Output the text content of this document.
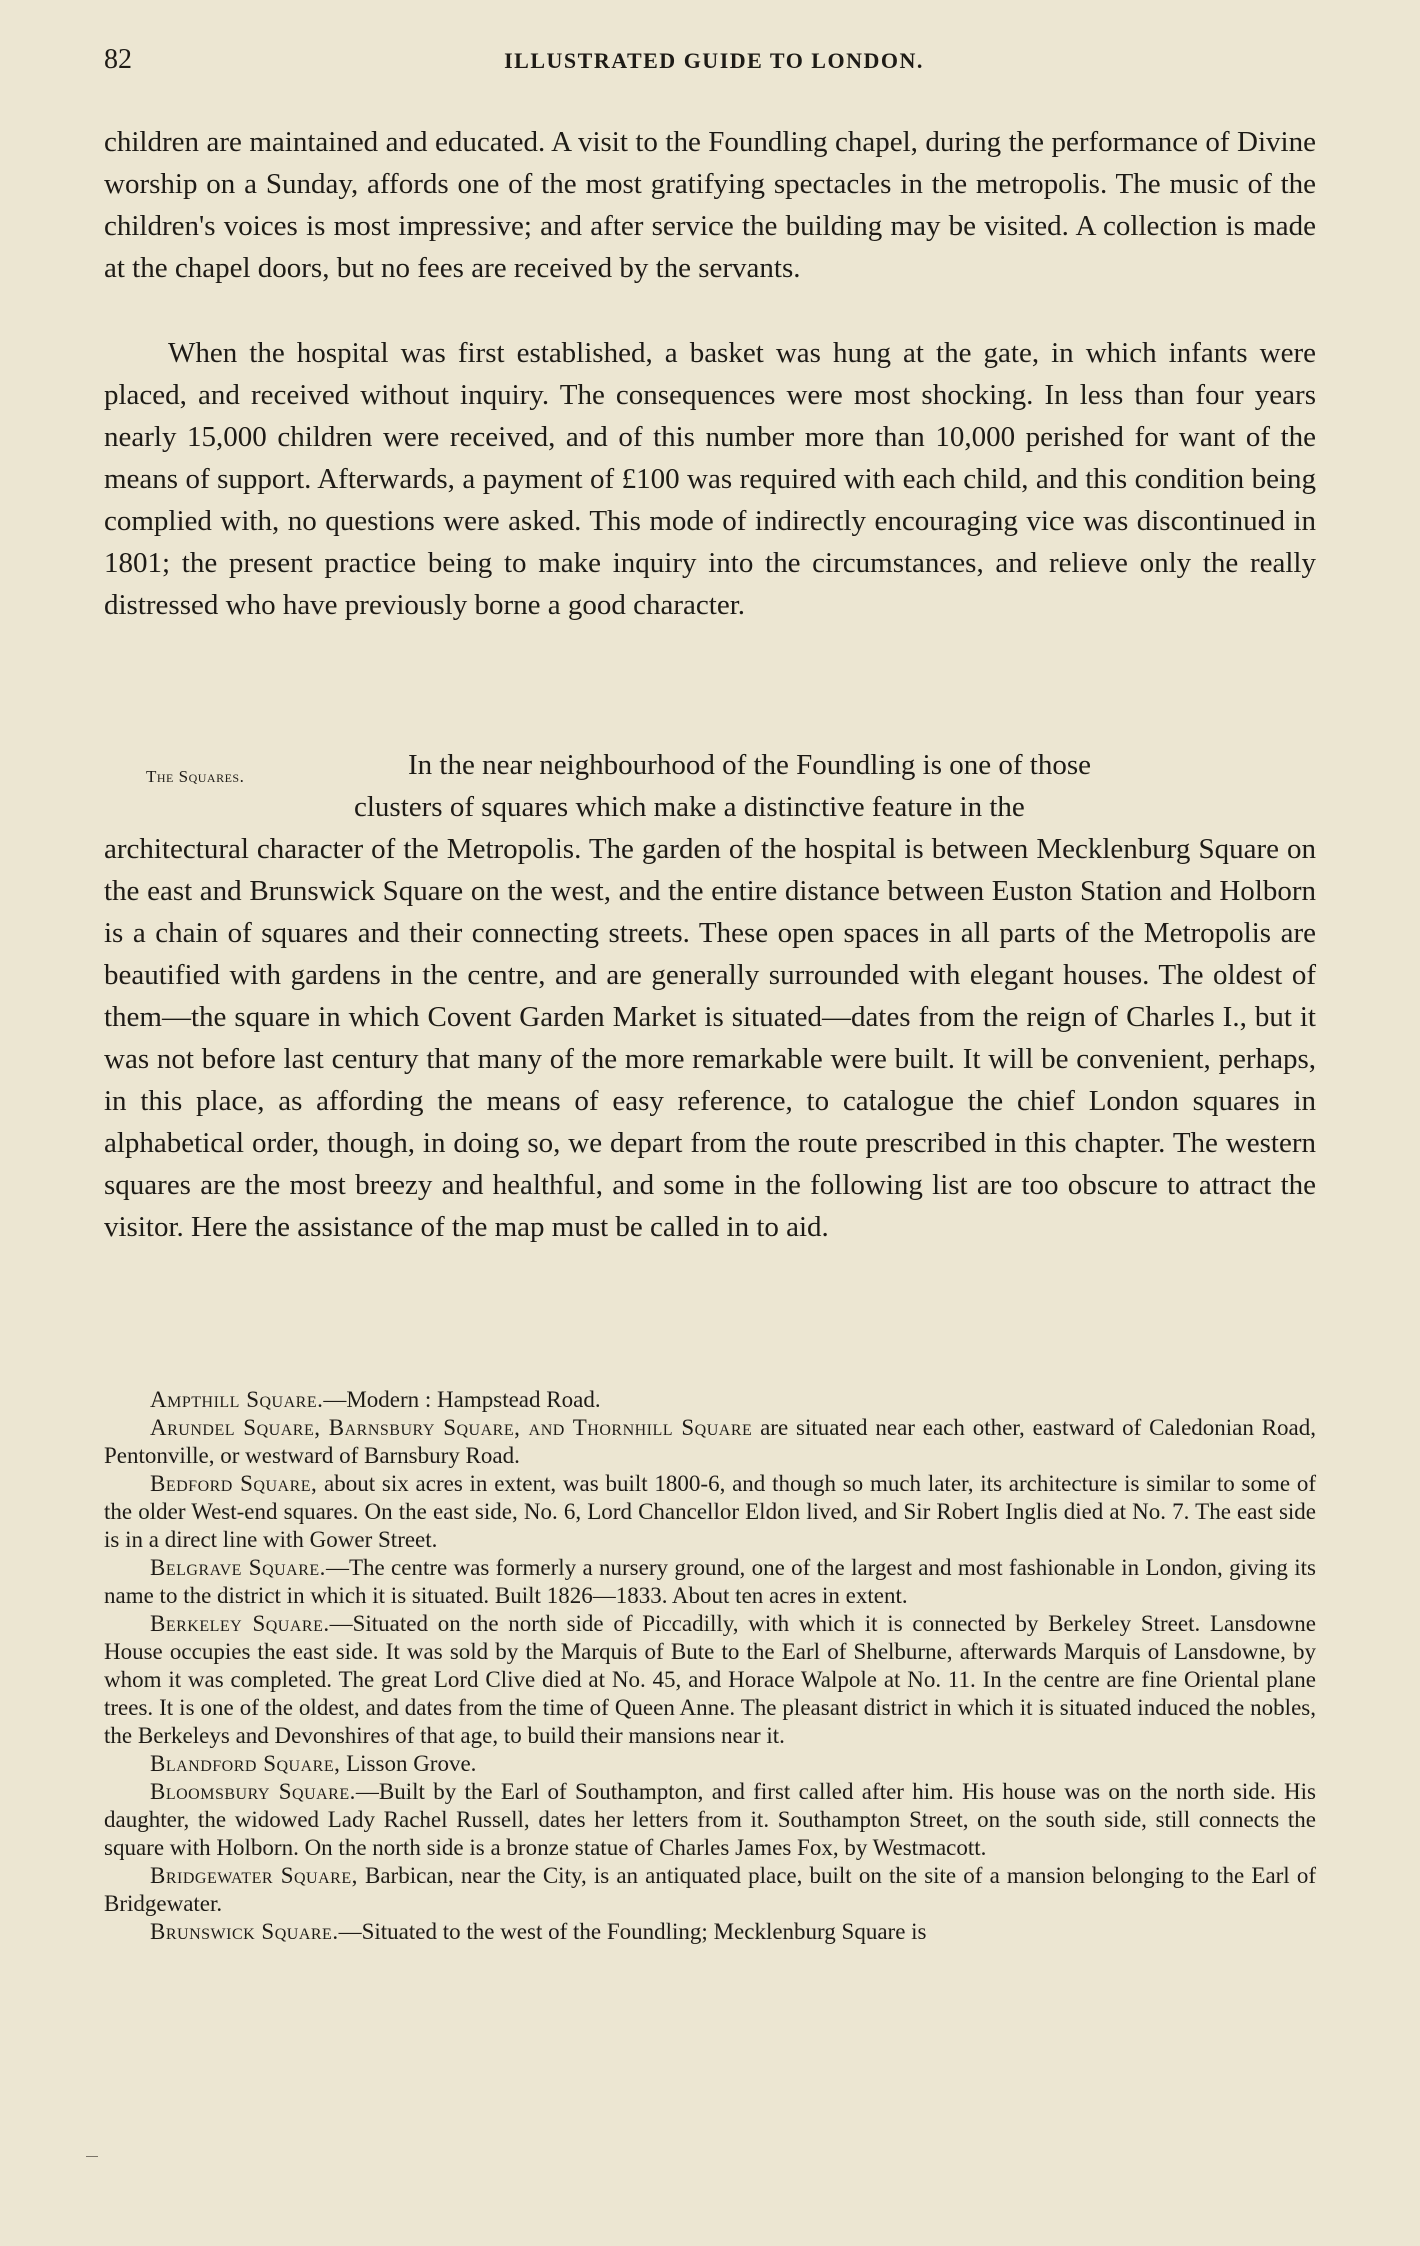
82	ILLUSTRATED GUIDE TO LONDON.

children are maintained and educated. A visit to the Foundling chapel, during the performance of Divine worship on a Sunday, affords one of the most gratifying spectacles in the metropolis. The music of the children's voices is most impressive; and after service the building may be visited. A collection is made at the chapel doors, but no fees are received by the servants.

When the hospital was first established, a basket was hung at the gate, in which infants were placed, and received without inquiry. The consequences were most shocking. In less than four years nearly 15,000 children were received, and of this number more than 10,000 perished for want of the means of support. Afterwards, a payment of £100 was required with each child, and this condition being complied with, no questions were asked. This mode of indirectly encouraging vice was discontinued in 1801; the present practice being to make inquiry into the circumstances, and relieve only the really distressed who have previously borne a good character.

The Squares.	In the near neighbourhood of the Foundling is one of those
clusters of squares which make a distinctive feature in the
architectural character of the Metropolis. The garden of the hospital is between Mecklenburg Square on the east and Brunswick Square on the west, and the entire distance between Euston Station and Holborn is a chain of squares and their connecting streets. These open spaces in all parts of the Metropolis are beautified with gardens in the centre, and are generally surrounded with elegant houses. The oldest of them—the square in which Covent Garden Market is situated—dates from the reign of Charles I., but it was not before last century that many of the more remarkable were built. It will be convenient, perhaps, in this place, as affording the means of easy reference, to catalogue the chief London squares in alphabetical order, though, in doing so, we depart from the route prescribed in this chapter. The western squares are the most breezy and healthful, and some in the following list are too obscure to attract the visitor. Here the assistance of the map must be called in to aid.

Ampthill Square.—Modern : Hampstead Road.

Arundel Square, Barnsbury Square, and Thornhill Square are situated near each other, eastward of Caledonian Road, Pentonville, or westward of Barnsbury Road.

Bedford Square, about six acres in extent, was built 1800-6, and though so much later, its architecture is similar to some of the older West-end squares. On the east side, No. 6, Lord Chancellor Eldon lived, and Sir Robert Inglis died at No. 7. The east side is in a direct line with Gower Street.

Belgrave Square.—The centre was formerly a nursery ground, one of the largest and most fashionable in London, giving its name to the district in which it is situated. Built 1826—1833. About ten acres in extent.

Berkeley Square.—Situated on the north side of Piccadilly, with which it is connected by Berkeley Street. Lansdowne House occupies the east side. It was sold by the Marquis of Bute to the Earl of Shelburne, afterwards Marquis of Lansdowne, by whom it was completed. The great Lord Clive died at No. 45, and Horace Walpole at No. 11. In the centre are fine Oriental plane trees. It is one of the oldest, and dates from the time of Queen Anne. The pleasant district in which it is situated induced the nobles, the Berkeleys and Devonshires of that age, to build their mansions near it.

Blandford Square, Lisson Grove.

Bloomsbury Square.—Built by the Earl of Southampton, and first called after him. His house was on the north side. His daughter, the widowed Lady Rachel Russell, dates her letters from it. Southampton Street, on the south side, still connects the square with Holborn. On the north side is a bronze statue of Charles James Fox, by Westmacott.

Bridgewater Square, Barbican, near the City, is an antiquated place, built on the site of a mansion belonging to the Earl of Bridgewater.

Brunswick Square.—Situated to the west of the Foundling; Mecklenburg Square is
